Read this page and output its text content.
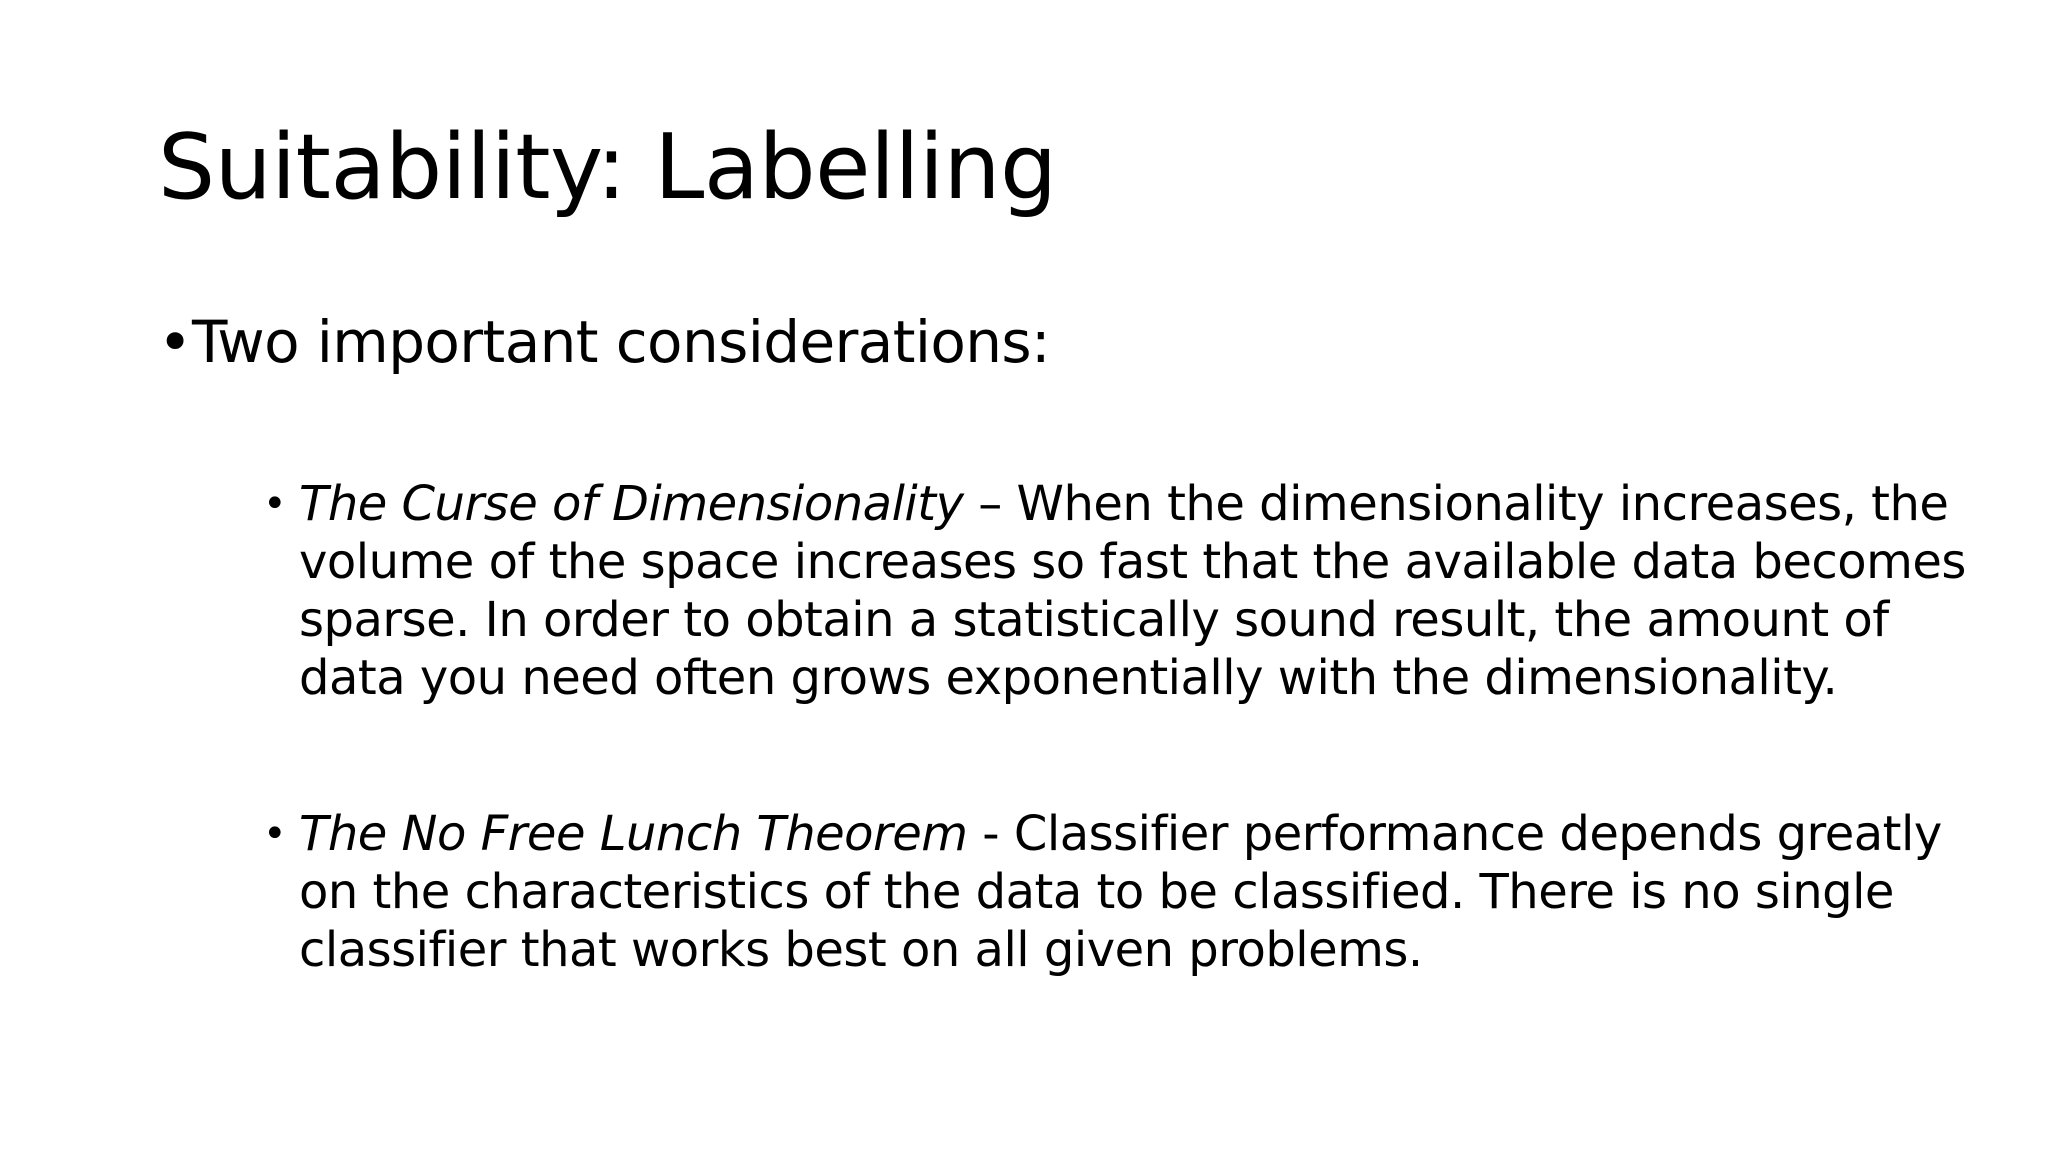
Suitability: Labelling
• Two important considerations:
• The Curse of Dimensionality – When the dimensionality increases, the volume of the space increases so fast that the available data becomes sparse. In order to obtain a statistically sound result, the amount of data you need often grows exponentially with the dimensionality.
• The No Free Lunch Theorem - Classifier performance depends greatly on the characteristics of the data to be classified. There is no single classifier that works best on all given problems.
